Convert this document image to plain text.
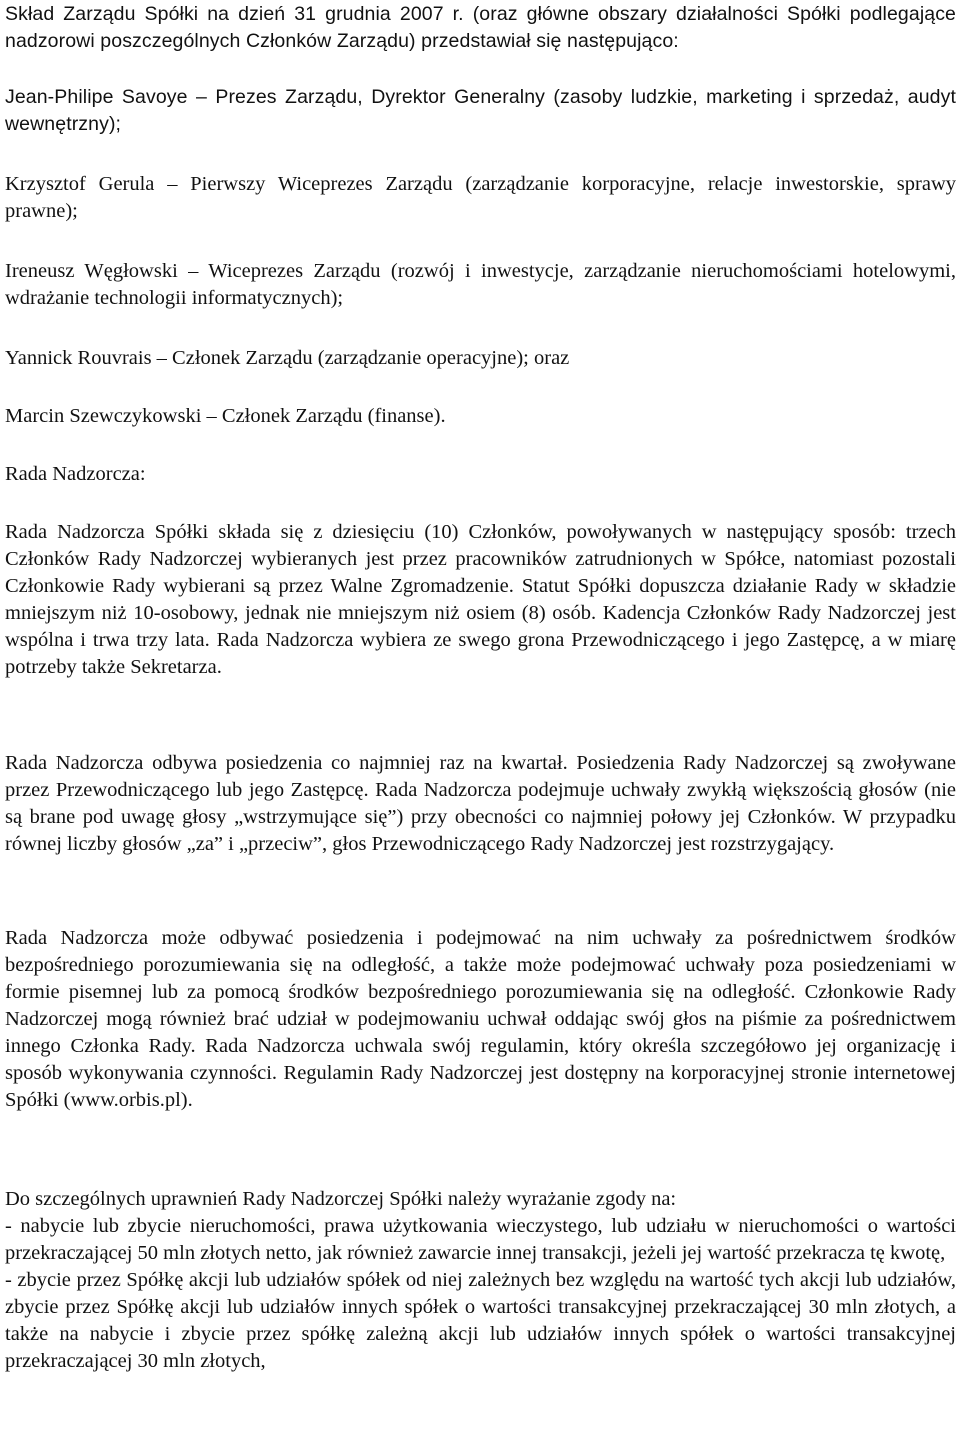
Skład Zarządu Spółki na dzień 31 grudnia 2007 r. (oraz główne obszary działalności Spółki podlegające nadzorowi poszczególnych Członków Zarządu) przedstawiał się następująco:

Jean-Philipe Savoye – Prezes Zarządu, Dyrektor Generalny (zasoby ludzkie, marketing i sprzedaż, audyt wewnętrzny);

Krzysztof Gerula – Pierwszy Wiceprezes Zarządu (zarządzanie korporacyjne, relacje inwestorskie, sprawy prawne);

Ireneusz Węgłowski – Wiceprezes Zarządu (rozwój i inwestycje, zarządzanie nieruchomościami hotelowymi, wdrażanie technologii informatycznych);

Yannick Rouvrais – Członek Zarządu (zarządzanie operacyjne); oraz

Marcin Szewczykowski – Członek Zarządu (finanse).

Rada Nadzorcza:

Rada Nadzorcza Spółki składa się z dziesięciu (10) Członków, powoływanych w następujący sposób: trzech Członków Rady Nadzorczej wybieranych jest przez pracowników zatrudnionych w Spółce, natomiast pozostali Członkowie Rady wybierani są przez Walne Zgromadzenie. Statut Spółki dopuszcza działanie Rady w składzie mniejszym niż 10-osobowy, jednak nie mniejszym niż osiem (8) osób. Kadencja Członków Rady Nadzorczej jest wspólna i trwa trzy lata. Rada Nadzorcza wybiera ze swego grona Przewodniczącego i jego Zastępcę, a w miarę potrzeby także Sekretarza.

Rada Nadzorcza odbywa posiedzenia co najmniej raz na kwartał. Posiedzenia Rady Nadzorczej są zwoływane przez Przewodniczącego lub jego Zastępcę. Rada Nadzorcza podejmuje uchwały zwykłą większością głosów (nie są brane pod uwagę głosy „wstrzymujące się”) przy obecności co najmniej połowy jej Członków. W przypadku równej liczby głosów „za” i „przeciw”, głos Przewodniczącego Rady Nadzorczej jest rozstrzygający.

Rada Nadzorcza może odbywać posiedzenia i podejmować na nim uchwały za pośrednictwem środków bezpośredniego porozumiewania się na odległość, a także może podejmować uchwały poza posiedzeniami w formie pisemnej lub za pomocą środków bezpośredniego porozumiewania się na odległość. Członkowie Rady Nadzorczej mogą również brać udział w podejmowaniu uchwał oddając swój głos na piśmie za pośrednictwem innego Członka Rady. Rada Nadzorcza uchwala swój regulamin, który określa szczegółowo jej organizację i sposób wykonywania czynności. Regulamin Rady Nadzorczej jest dostępny na korporacyjnej stronie internetowej Spółki (www.orbis.pl).

Do szczególnych uprawnień Rady Nadzorczej Spółki należy wyrażanie zgody na:

- nabycie lub zbycie nieruchomości, prawa użytkowania wieczystego, lub udziału w nieruchomości o wartości przekraczającej 50 mln złotych netto, jak również zawarcie innej transakcji, jeżeli jej wartość przekracza tę kwotę,

- zbycie przez Spółkę akcji lub udziałów spółek od niej zależnych bez względu na wartość tych akcji lub udziałów, zbycie przez Spółkę akcji lub udziałów innych spółek o wartości transakcyjnej przekraczającej 30 mln złotych, a także na nabycie i zbycie przez spółkę zależną akcji lub udziałów innych spółek o wartości transakcyjnej przekraczającej 30 mln złotych,
